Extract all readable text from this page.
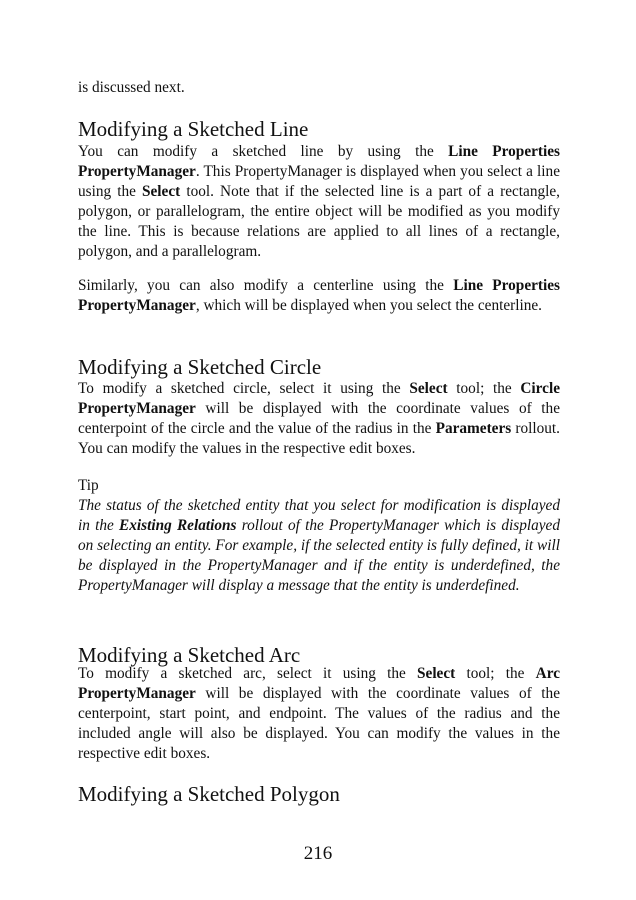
is discussed next.
Modifying a Sketched Line
You can modify a sketched line by using the Line Properties PropertyManager. This PropertyManager is displayed when you select a line using the Select tool. Note that if the selected line is a part of a rectangle, polygon, or parallelogram, the entire object will be modified as you modify the line. This is because relations are applied to all lines of a rectangle, polygon, and a parallelogram.
Similarly, you can also modify a centerline using the Line Properties PropertyManager, which will be displayed when you select the centerline.
Modifying a Sketched Circle
To modify a sketched circle, select it using the Select tool; the Circle PropertyManager will be displayed with the coordinate values of the centerpoint of the circle and the value of the radius in the Parameters rollout. You can modify the values in the respective edit boxes.
Tip
The status of the sketched entity that you select for modification is displayed in the Existing Relations rollout of the PropertyManager which is displayed on selecting an entity. For example, if the selected entity is fully defined, it will be displayed in the PropertyManager and if the entity is underdefined, the PropertyManager will display a message that the entity is underdefined.
Modifying a Sketched Arc
To modify a sketched arc, select it using the Select tool; the Arc PropertyManager will be displayed with the coordinate values of the centerpoint, start point, and endpoint. The values of the radius and the included angle will also be displayed. You can modify the values in the respective edit boxes.
Modifying a Sketched Polygon
216
